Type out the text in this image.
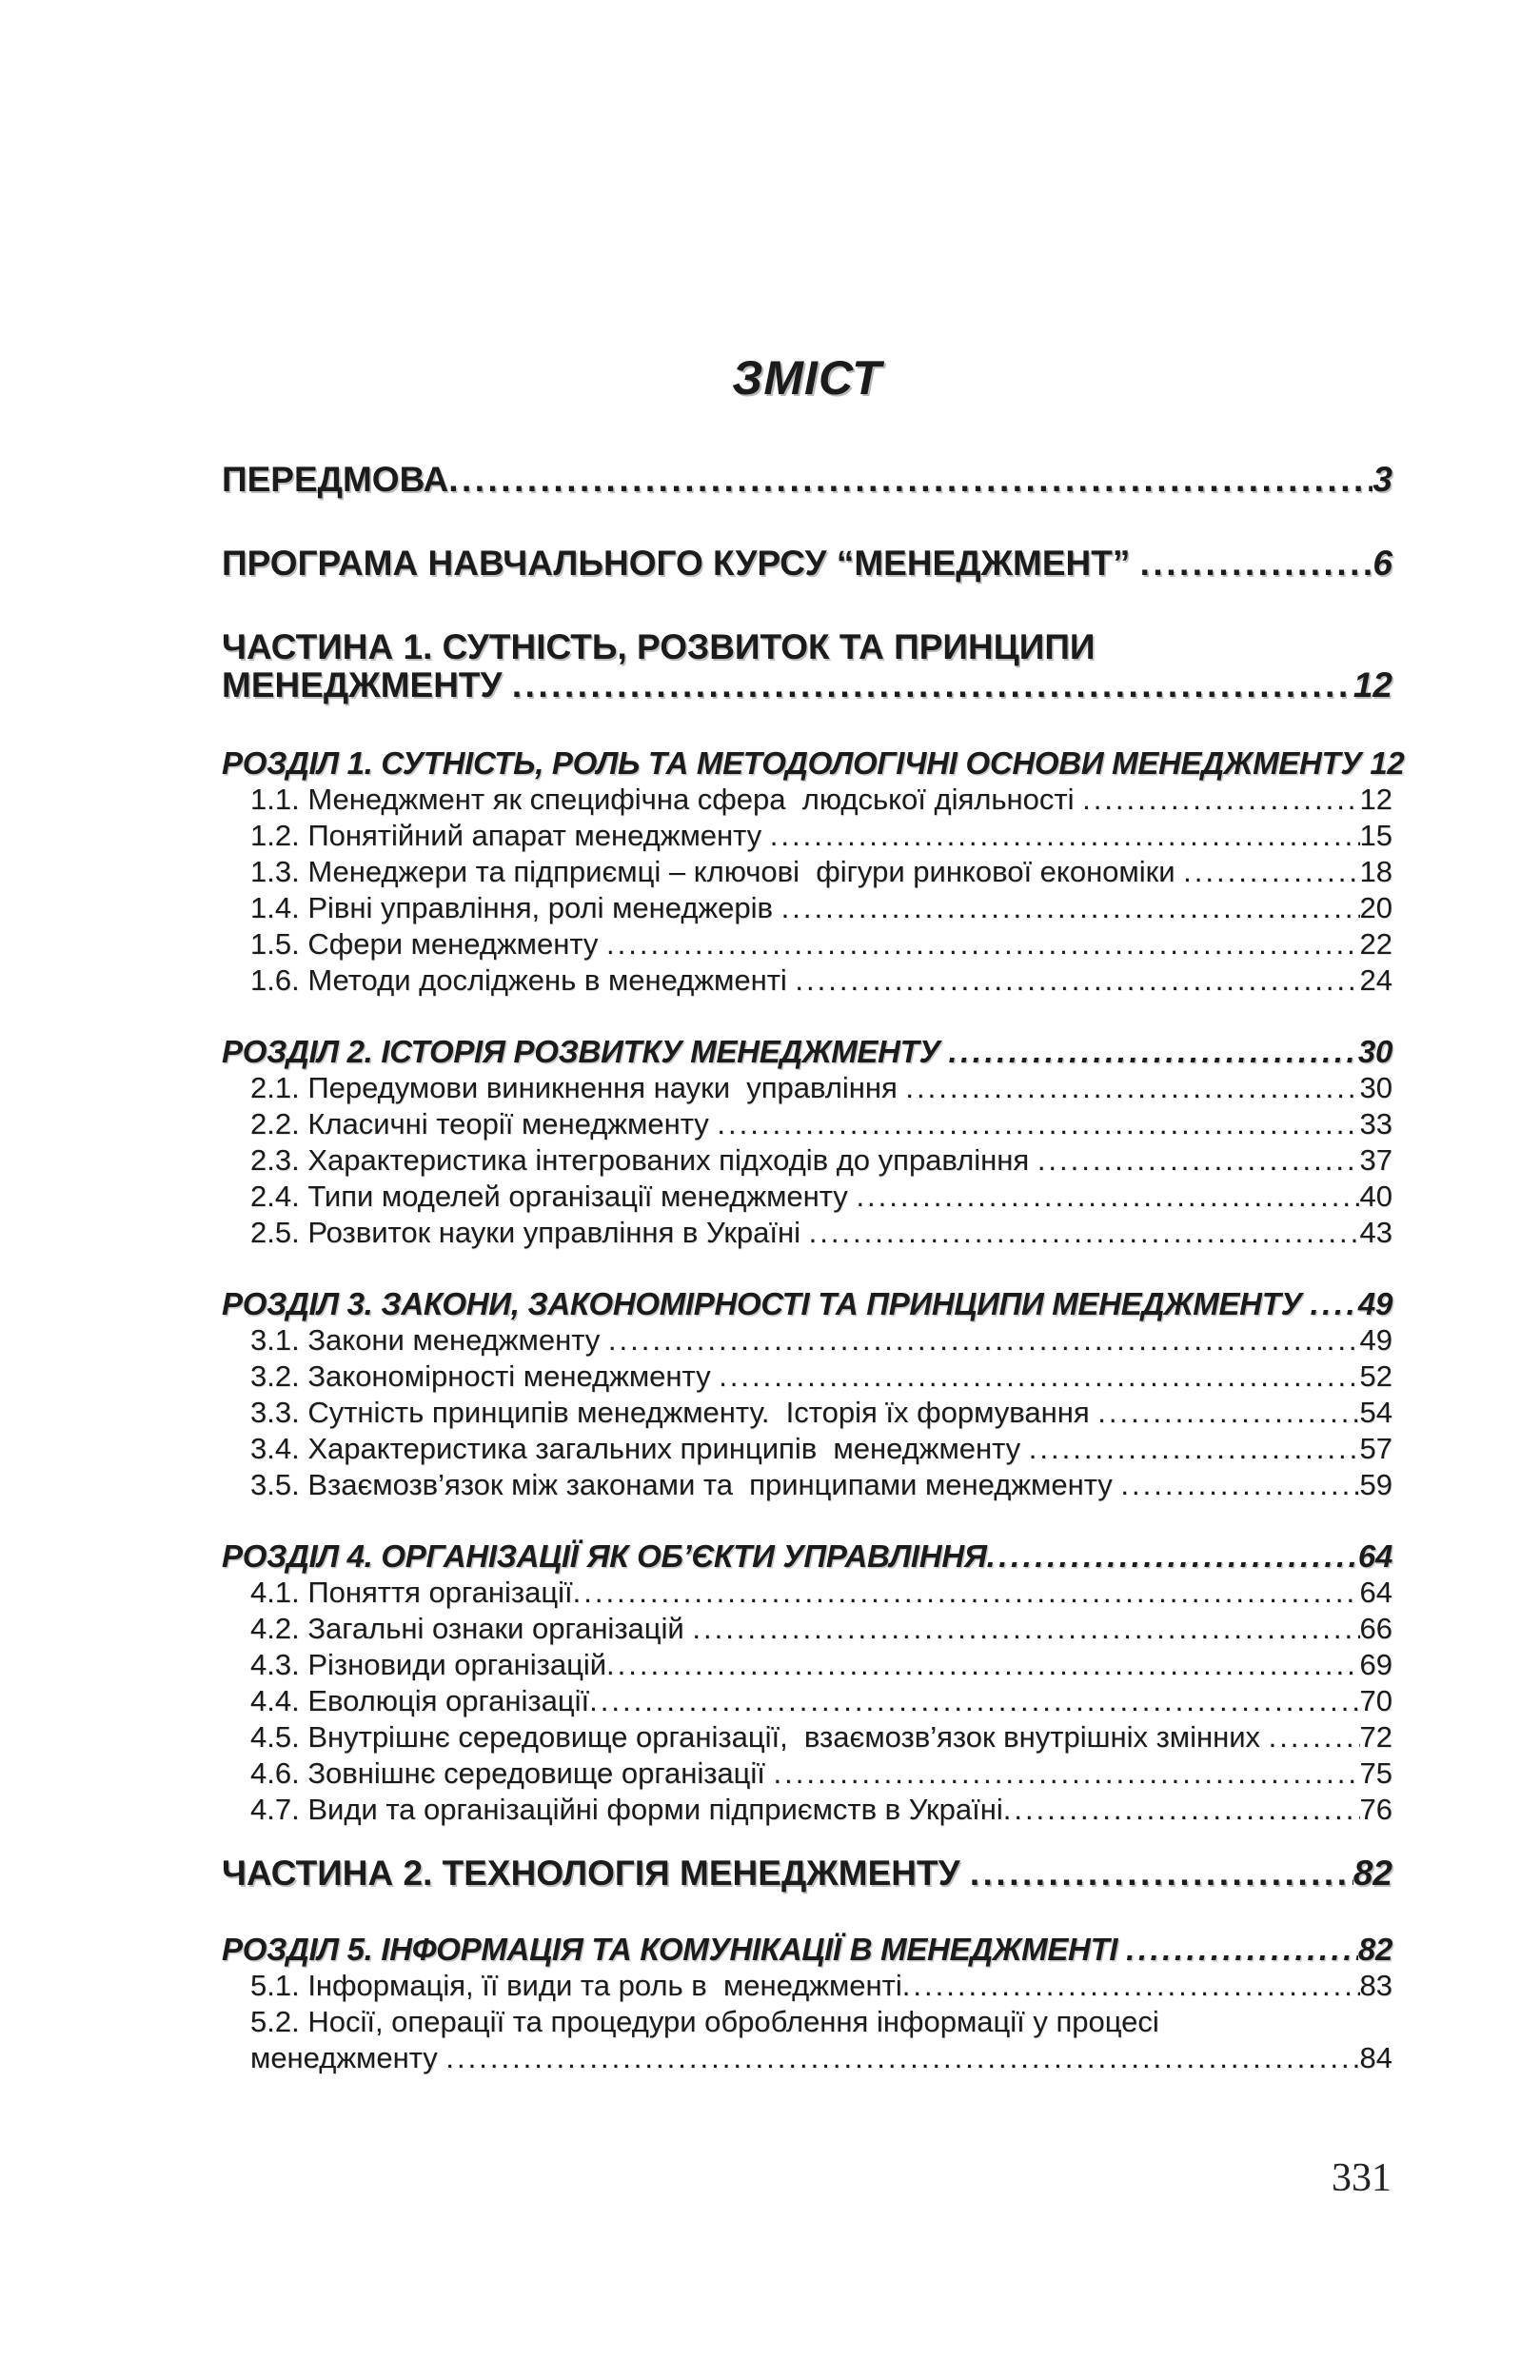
ЗМІСТ
ПЕРЕДМОВА .....	3
ПРОГРАМА НАВЧАЛЬНОГО КУРСУ “МЕНЕДЖМЕНТ” .....	6
ЧАСТИНА 1. СУТНІСТЬ, РОЗВИТОК ТА ПРИНЦИПИ
МЕНЕДЖМЕНТУ .....	12
РОЗДІЛ 1. СУТНІСТЬ, РОЛЬ ТА МЕТОДОЛОГІЧНІ ОСНОВИ МЕНЕДЖМЕНТУ 12
1.1. Менеджмент як специфічна сфера  людської діяльності .....	12
1.2. Понятійний апарат менеджменту .....	15
1.3. Менеджери та підприємці – ключові  фігури ринкової економіки .....	18
1.4. Рівні управління, ролі менеджерів .....	20
1.5. Сфери менеджменту .....	22
1.6. Методи досліджень в менеджменті .....	24
РОЗДІЛ 2. ІСТОРІЯ РОЗВИТКУ МЕНЕДЖМЕНТУ .....	30
2.1. Передумови виникнення науки  управління .....	30
2.2. Класичні теорії менеджменту .....	33
2.3. Характеристика інтегрованих підходів до управління .....	37
2.4. Типи моделей організації менеджменту .....	40
2.5. Розвиток науки управління в Україні .....	43
РОЗДІЛ 3. ЗАКОНИ, ЗАКОНОМІРНОСТІ ТА ПРИНЦИПИ МЕНЕДЖМЕНТУ ..... 49
3.1. Закони менеджменту .....	49
3.2. Закономірності менеджменту .....	52
3.3. Сутність принципів менеджменту.  Історія їх формування .....	54
3.4. Характеристика загальних принципів  менеджменту .....	57
3.5. Взаємозв’язок між законами та  принципами менеджменту .....	59
РОЗДІЛ 4. ОРГАНІЗАЦІЇ ЯК ОБ’ЄКТИ УПРАВЛІННЯ .....	64
4.1. Поняття організації .....	64
4.2. Загальні ознаки організацій .....	66
4.3. Різновиди організацій .....	69
4.4. Еволюція організації .....	70
4.5. Внутрішнє середовище організації,  взаємозв’язок внутрішніх змінних .....	72
4.6. Зовнішнє середовище організації .....	75
4.7. Види та організаційні форми підприємств в Україні .....	76
ЧАСТИНА 2. ТЕХНОЛОГІЯ МЕНЕДЖМЕНТУ .....	82
РОЗДІЛ 5. ІНФОРМАЦІЯ ТА КОМУНІКАЦІЇ В МЕНЕДЖМЕНТІ .....	82
5.1. Інформація, її види та роль в  менеджменті .....	83
5.2. Носії, операції та процедури оброблення інформації у процесі
менеджменту .....	84
331
